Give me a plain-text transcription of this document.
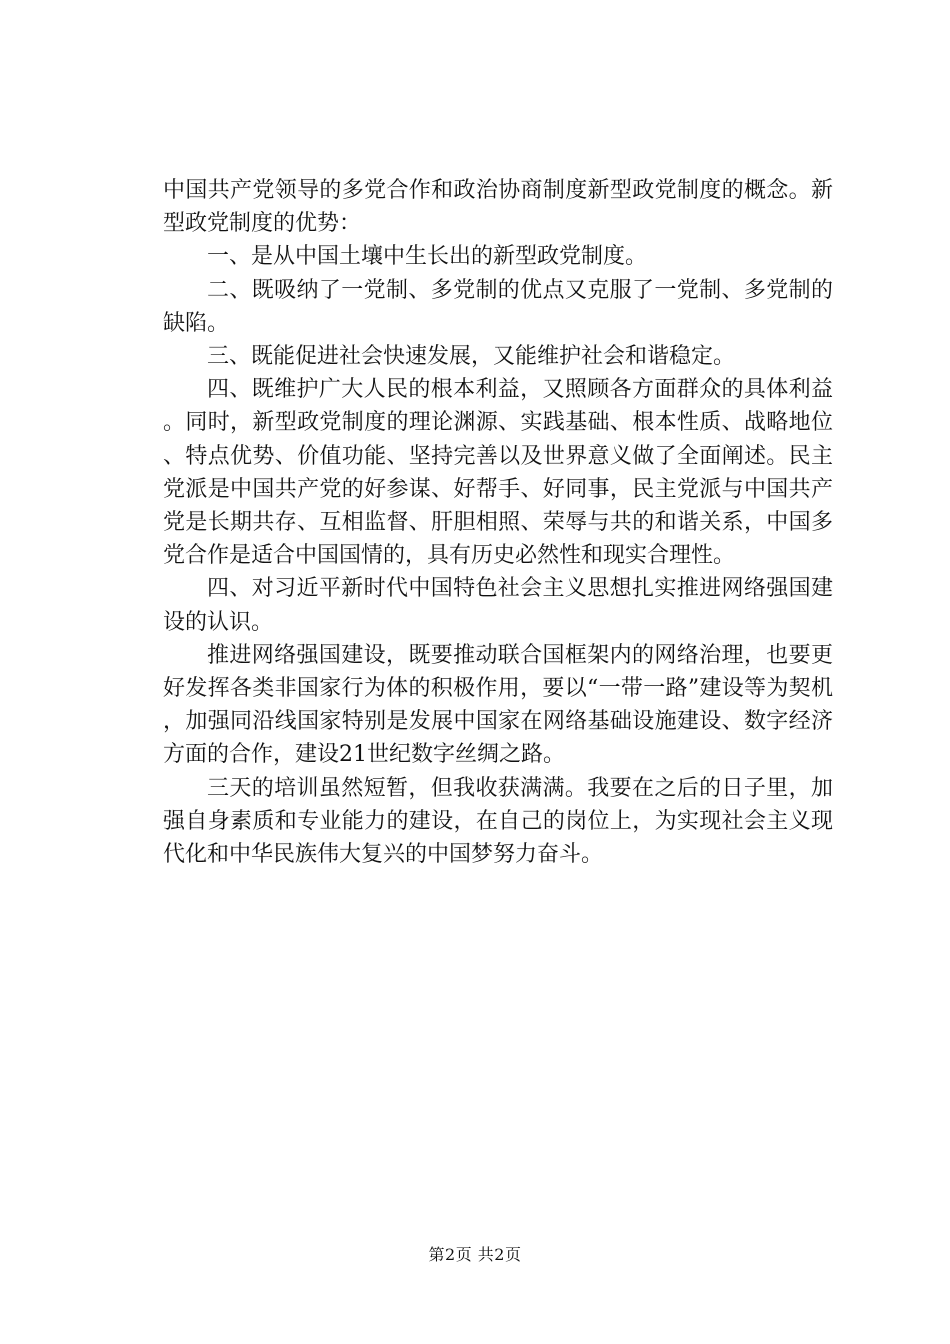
中国共产党领导的多党合作和政治协商制度新型政党制度的概念。新型政党制度的优势：

一、是从中国土壤中生长出的新型政党制度。

二、既吸纳了一党制、多党制的优点又克服了一党制、多党制的缺陷。

三、既能促进社会快速发展，又能维护社会和谐稳定。

四、既维护广大人民的根本利益，又照顾各方面群众的具体利益。同时，新型政党制度的理论渊源、实践基础、根本性质、战略地位、特点优势、价值功能、坚持完善以及世界意义做了全面阐述。民主党派是中国共产党的好参谋、好帮手、好同事，民主党派与中国共产党是长期共存、互相监督、肝胆相照、荣辱与共的和谐关系，中国多党合作是适合中国国情的，具有历史必然性和现实合理性。

四、对习近平新时代中国特色社会主义思想扎实推进网络强国建设的认识。

推进网络强国建设，既要推动联合国框架内的网络治理，也要更好发挥各类非国家行为体的积极作用，要以“一带一路”建设等为契机，加强同沿线国家特别是发展中国家在网络基础设施建设、数字经济方面的合作，建设21世纪数字丝绸之路。

三天的培训虽然短暂，但我收获满满。我要在之后的日子里，加强自身素质和专业能力的建设，在自己的岗位上，为实现社会主义现代化和中华民族伟大复兴的中国梦努力奋斗。

第2页 共2页
